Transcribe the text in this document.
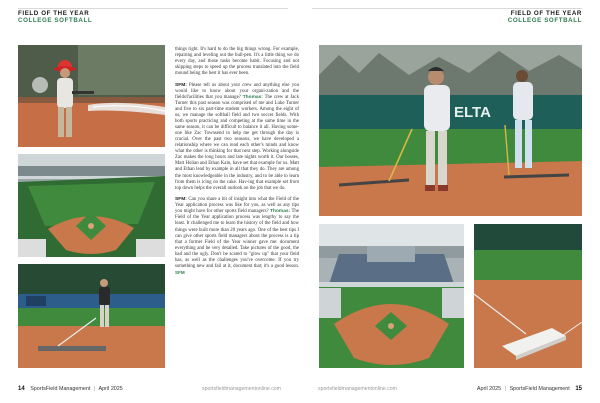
FIELD OF THE YEAR
COLLEGE SOFTBALL
FIELD OF THE YEAR
COLLEGE SOFTBALL

things right. It's hard to do the big things wrong. For example, repairing and leveling out the bull-pen. It's a little thing we do every day, and those tasks become habit. Focusing and not skipping steps to speed up the process translated into the field mound being the best it has ever been.

SFM: Please tell us about your crew and anything else you would like to know about your organi-zation and the fields/facilities that you manage? Thomas: The crew at Jack Turner this past season was comprised of me and Luke Turner and five to six part-time student workers. Among the eight of us, we manage the softball field and two soccer fields. With both sports practicing and competing at the same time in the same season, it can be difficult to balance it all. Having some-one like Zac Townsend to help me get through the day is crucial. Over the past two seasons, we have developed a relationship where we can read each other's minds and know what the other is thinking for that next step. Working alongside Zac makes the long hours and late nights worth it. Our bosses, Matt Holian and Ethan Kain, have set that example for us. Matt and Ethan lead by example in all that they do. They are among the most knowledgeable in the industry, and to be able to learn from them is icing on the cake. Hav-ing that example set from top down helps the overall outlook on the job that we do.

SFM: Can you share a bit of insight into what the Field of the Year application process was like for you, as well as any tips you might have for other sports field managers? Thomas: The Field of the Year application process was lengthy to say the least. It challenged me to learn the history of the field and how things were built more than 20 years ago. One of the best tips I can give other sports field managers about the process is a tip that a former Field of the Year winner gave me: document everything and be very detailed. Take pictures of the good, the bad and the ugly. Don't be scared to "glow up" that your field has, as well as the challenges you've overcome. If you try something new and fail at it, document that; it's a good lesson. SFM

ELTA
14 SportsField Management | April 2025	sportsfieldmanagementonline.com	sportsfieldmanagementonline.com	April 2025 | SportsField Management 15
